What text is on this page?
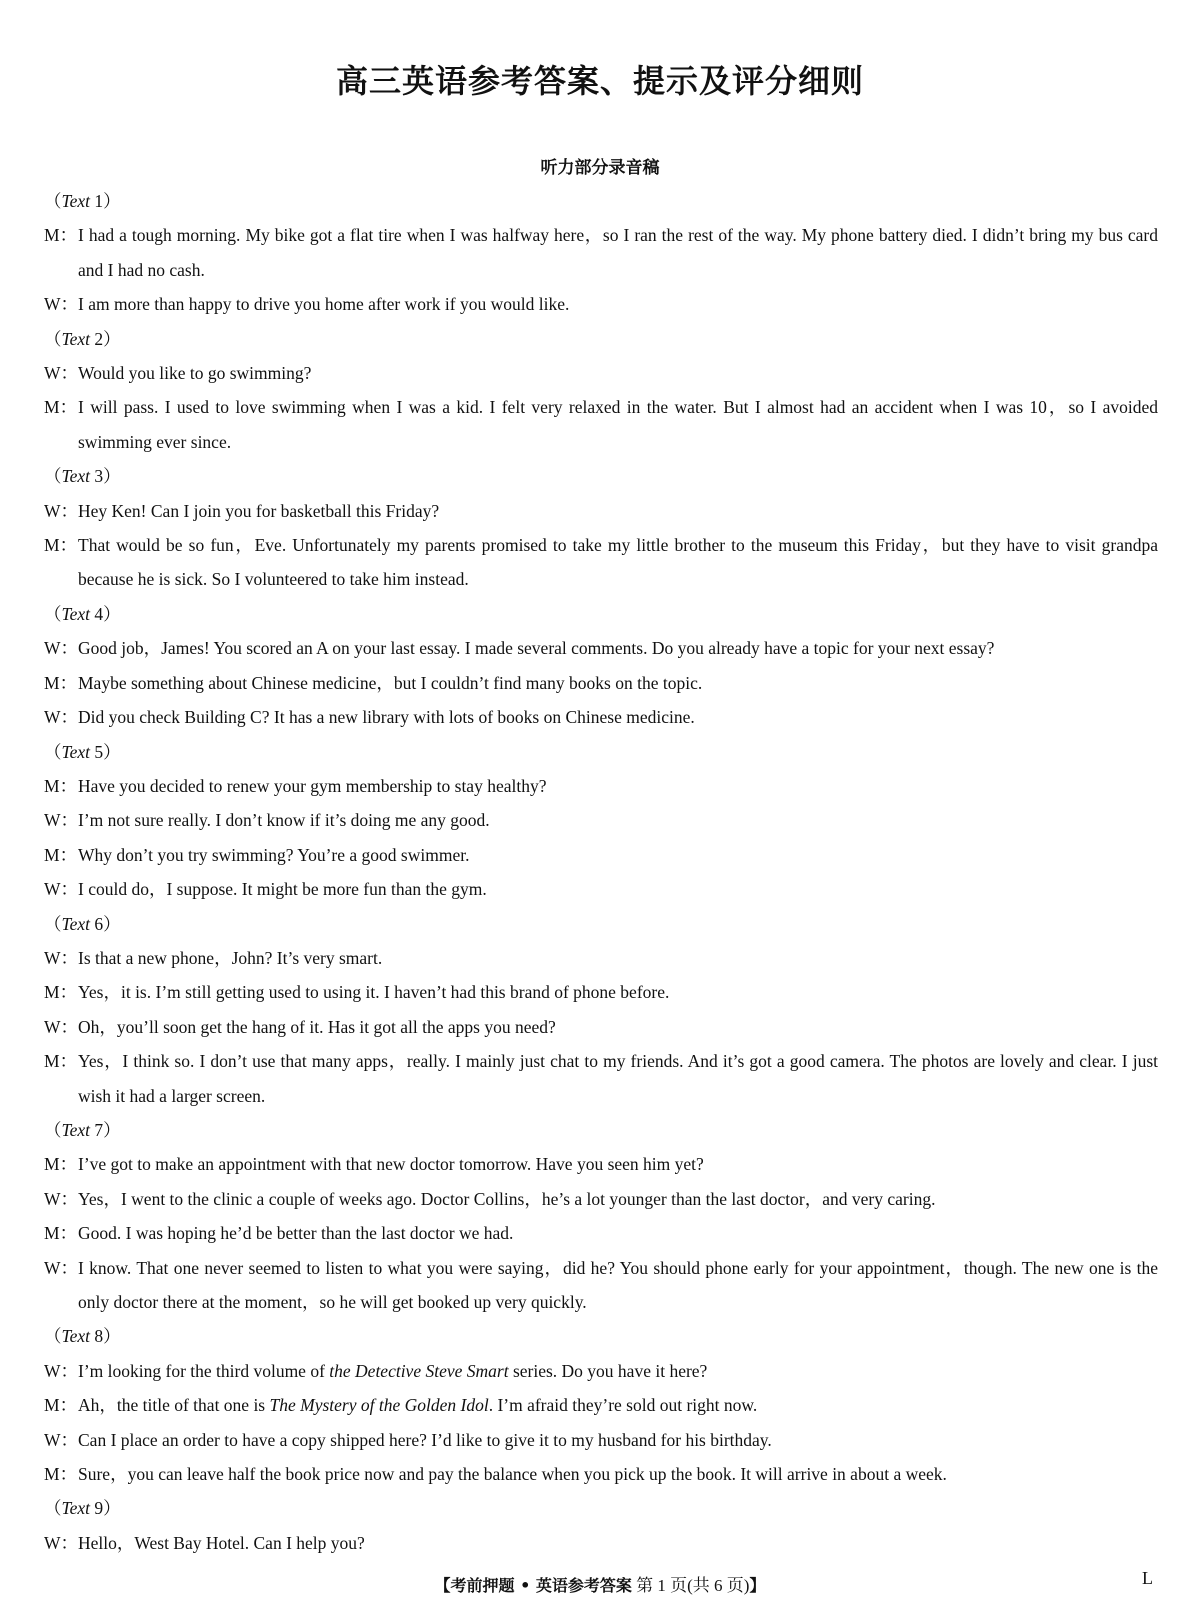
高三英语参考答案、提示及评分细则
听力部分录音稿
（Text 1）
M： I had a tough morning. My bike got a flat tire when I was halfway here，so I ran the rest of the way. My phone battery died. I didn’t bring my bus card and I had no cash.
W： I am more than happy to drive you home after work if you would like.
（Text 2）
W： Would you like to go swimming?
M： I will pass. I used to love swimming when I was a kid. I felt very relaxed in the water. But I almost had an accident when I was 10，so I avoided swimming ever since.
（Text 3）
W： Hey Ken! Can I join you for basketball this Friday?
M： That would be so fun，Eve. Unfortunately my parents promised to take my little brother to the museum this Friday，but they have to visit grandpa because he is sick. So I volunteered to take him instead.
（Text 4）
W： Good job，James! You scored an A on your last essay. I made several comments. Do you already have a topic for your next essay?
M： Maybe something about Chinese medicine，but I couldn’t find many books on the topic.
W： Did you check Building C? It has a new library with lots of books on Chinese medicine.
（Text 5）
M： Have you decided to renew your gym membership to stay healthy?
W： I’m not sure really. I don’t know if it’s doing me any good.
M： Why don’t you try swimming? You’re a good swimmer.
W： I could do，I suppose. It might be more fun than the gym.
（Text 6）
W： Is that a new phone，John? It’s very smart.
M： Yes，it is. I’m still getting used to using it. I haven’t had this brand of phone before.
W： Oh，you’ll soon get the hang of it. Has it got all the apps you need?
M： Yes，I think so. I don’t use that many apps，really. I mainly just chat to my friends. And it’s got a good camera. The photos are lovely and clear. I just wish it had a larger screen.
（Text 7）
M： I’ve got to make an appointment with that new doctor tomorrow. Have you seen him yet?
W： Yes，I went to the clinic a couple of weeks ago. Doctor Collins，he’s a lot younger than the last doctor，and very caring.
M： Good. I was hoping he’d be better than the last doctor we had.
W： I know. That one never seemed to listen to what you were saying，did he? You should phone early for your appointment，though. The new one is the only doctor there at the moment，so he will get booked up very quickly.
（Text 8）
W： I’m looking for the third volume of the Detective Steve Smart series. Do you have it here?
M： Ah，the title of that one is The Mystery of the Golden Idol. I’m afraid they’re sold out right now.
W： Can I place an order to have a copy shipped here? I’d like to give it to my husband for his birthday.
M： Sure，you can leave half the book price now and pay the balance when you pick up the book. It will arrive in about a week.
（Text 9）
W： Hello，West Bay Hotel. Can I help you?
【考前押题 • 英语参考答案 第 1 页(共 6 页)】	L
